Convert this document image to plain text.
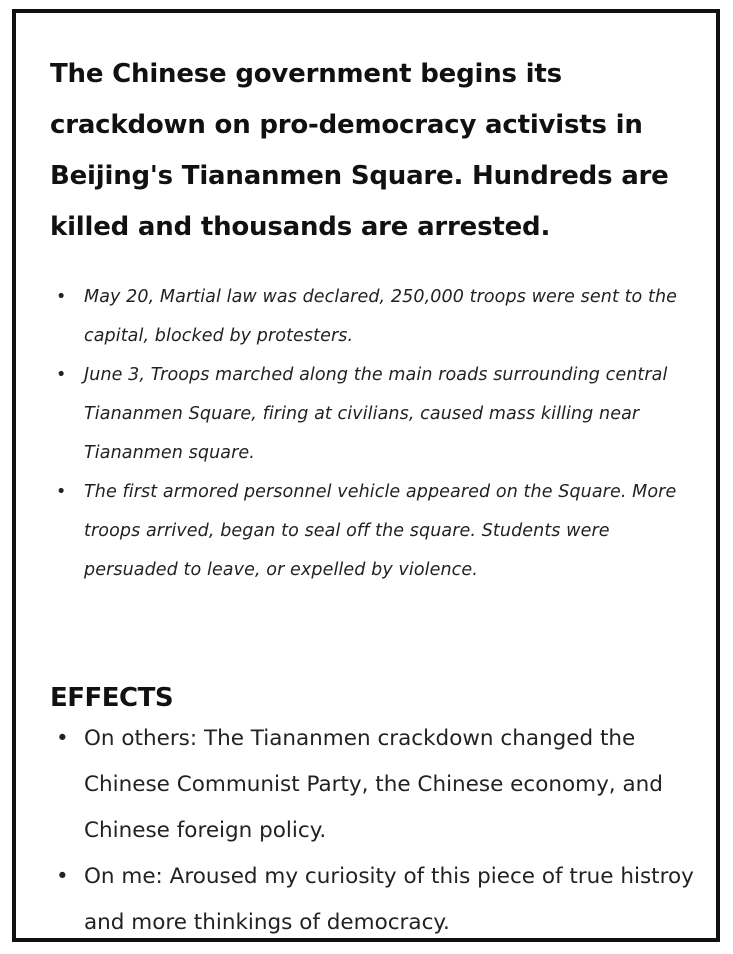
The Chinese government begins its crackdown on pro-democracy activists in Beijing's Tiananmen Square. Hundreds are killed and thousands are arrested.
• May 20, Martial law was declared, 250,000 troops were sent to the capital, blocked by protesters.
• June 3, Troops marched along the main roads surrounding central Tiananmen Square, firing at civilians, caused mass killing near Tiananmen square.
• The first armored personnel vehicle appeared on the Square. More troops arrived, began to seal off the square. Students were persuaded to leave, or expelled by violence.
EFFECTS
• On others: The Tiananmen crackdown changed the Chinese Communist Party, the Chinese economy, and Chinese foreign policy.
• On me: Aroused my curiosity of this piece of true histroy and more thinkings of democracy.
